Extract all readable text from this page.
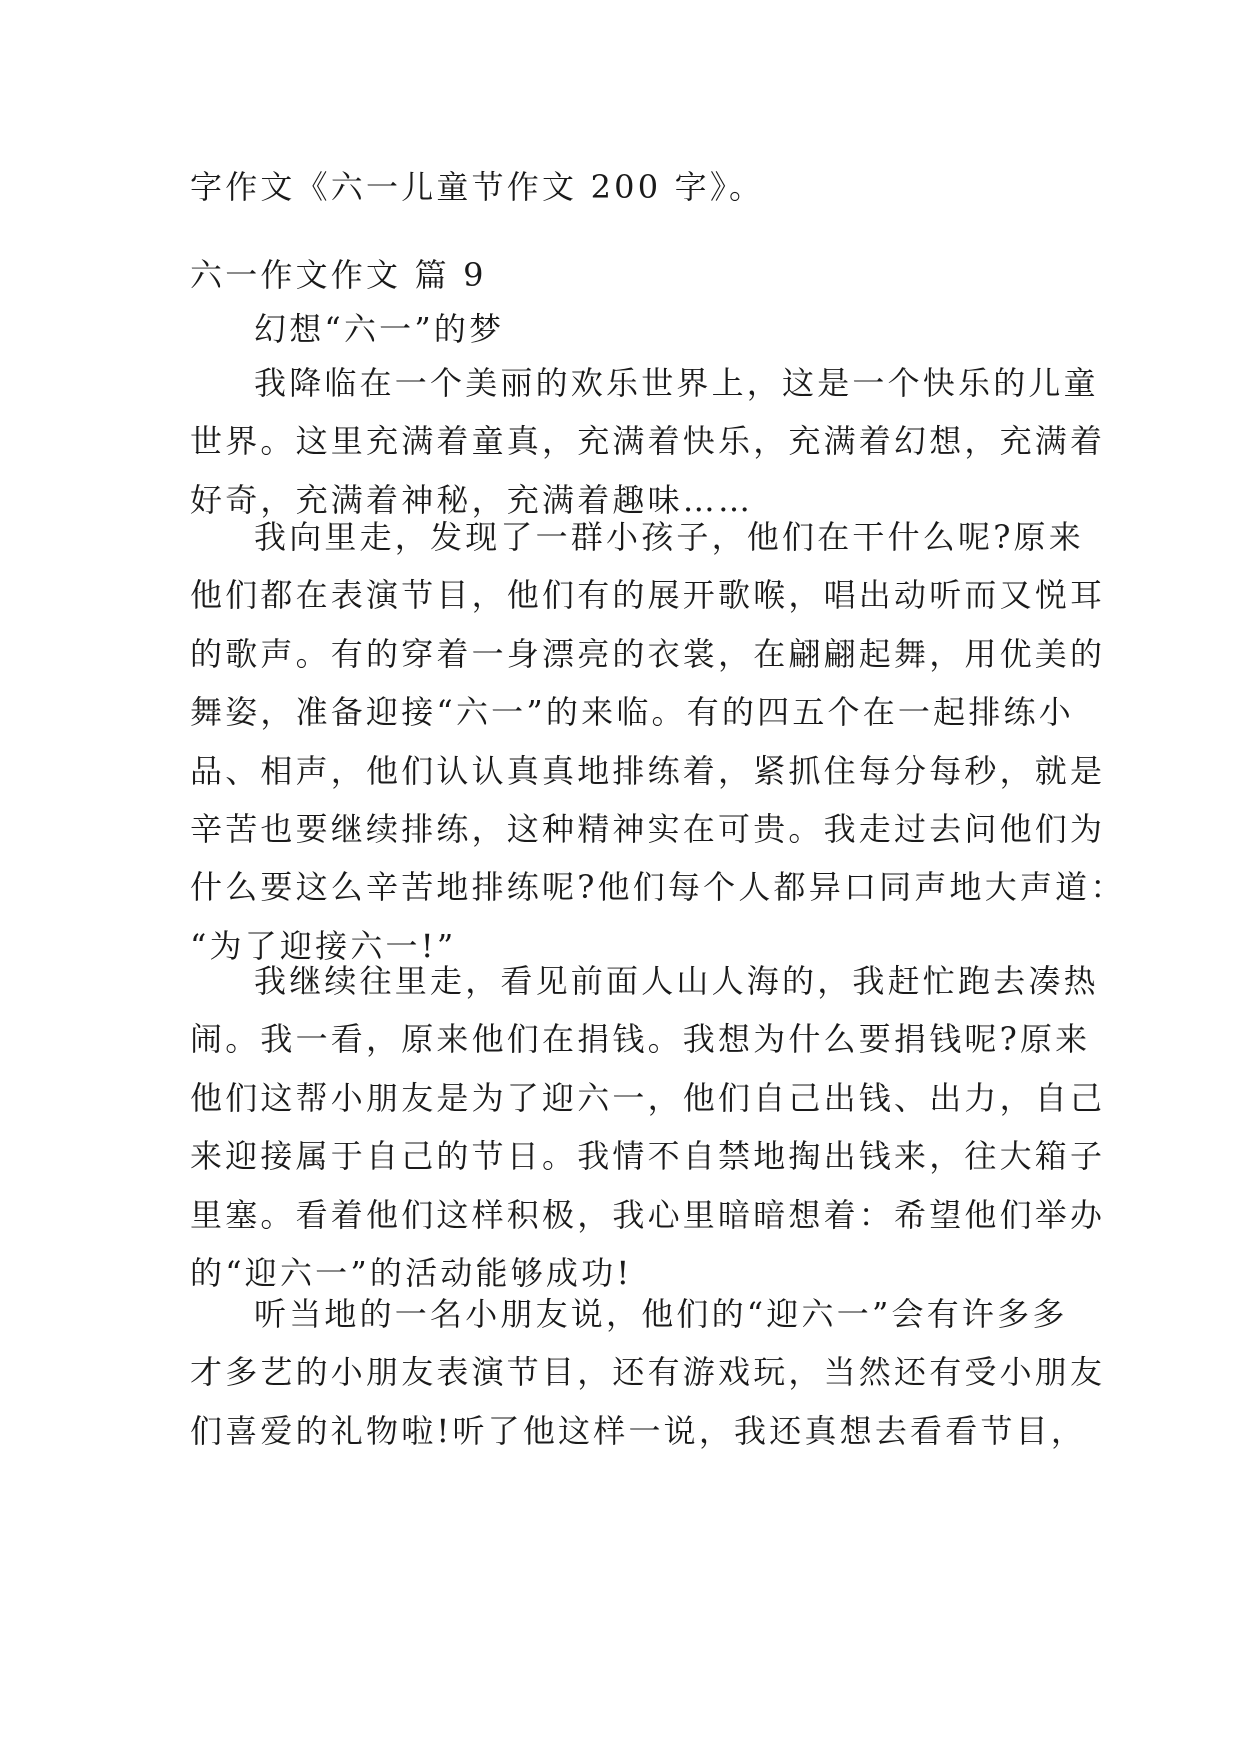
字作文《六一儿童节作文 200 字》。
六一作文作文 篇 9
幻想“六一”的梦
我降临在一个美丽的欢乐世界上，这是一个快乐的儿童
世界。这里充满着童真，充满着快乐，充满着幻想，充满着
好奇，充满着神秘，充满着趣味……
我向里走，发现了一群小孩子，他们在干什么呢?原来
他们都在表演节目，他们有的展开歌喉，唱出动听而又悦耳
的歌声。有的穿着一身漂亮的衣裳，在翩翩起舞，用优美的
舞姿，准备迎接“六一”的来临。有的四五个在一起排练小
品、相声，他们认认真真地排练着，紧抓住每分每秒，就是
辛苦也要继续排练，这种精神实在可贵。我走过去问他们为
什么要这么辛苦地排练呢?他们每个人都异口同声地大声道：
“为了迎接六一!”
我继续往里走，看见前面人山人海的，我赶忙跑去凑热
闹。我一看，原来他们在捐钱。我想为什么要捐钱呢?原来
他们这帮小朋友是为了迎六一，他们自己出钱、出力，自己
来迎接属于自己的节日。我情不自禁地掏出钱来，往大箱子
里塞。看着他们这样积极，我心里暗暗想着：希望他们举办
的“迎六一”的活动能够成功!
听当地的一名小朋友说，他们的“迎六一”会有许多多
才多艺的小朋友表演节目，还有游戏玩，当然还有受小朋友
们喜爱的礼物啦!听了他这样一说，我还真想去看看节目，
